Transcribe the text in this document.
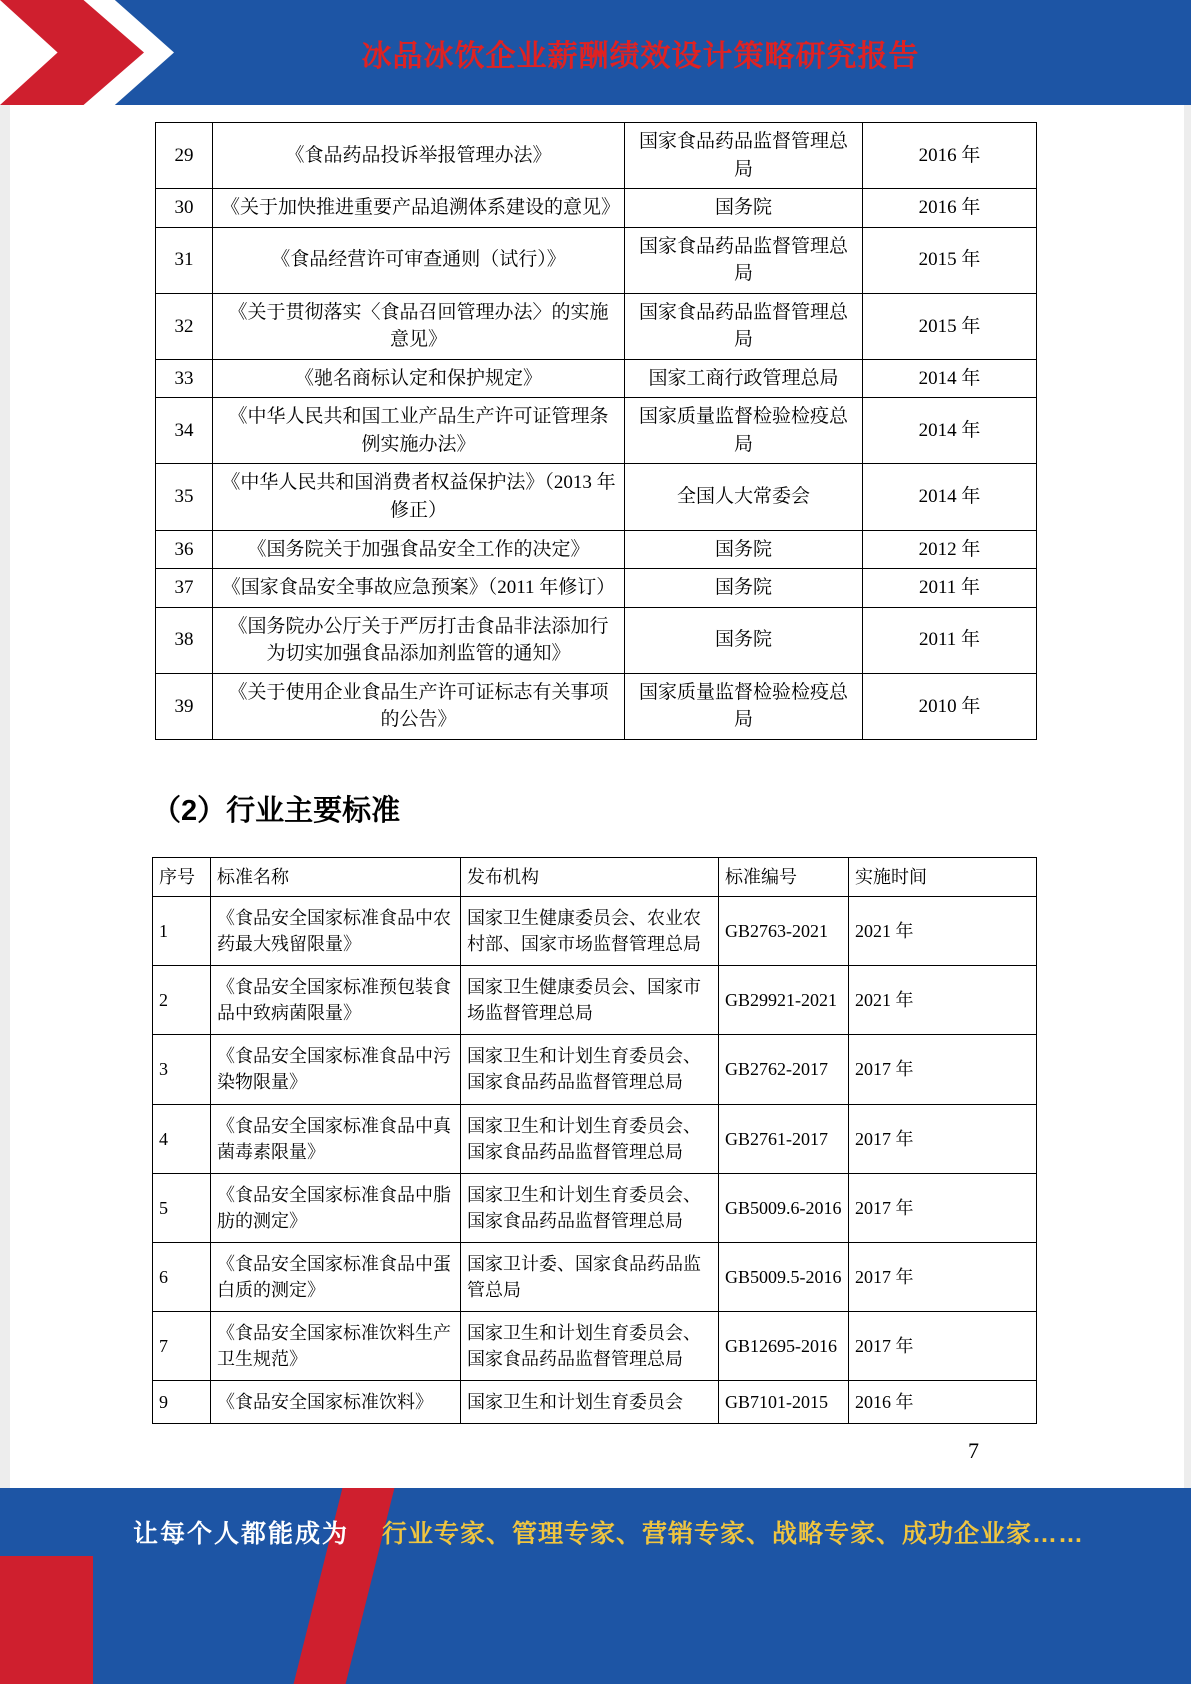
冰品冰饮企业薪酬绩效设计策略研究报告
29	《食品药品投诉举报管理办法》	国家食品药品监督管理总局	2016 年
30	《关于加快推进重要产品追溯体系建设的意见》	国务院	2016 年
31	《食品经营许可审查通则（试行）》	国家食品药品监督管理总局	2015 年
32	《关于贯彻落实〈食品召回管理办法〉的实施意见》	国家食品药品监督管理总局	2015 年
33	《驰名商标认定和保护规定》	国家工商行政管理总局	2014 年
34	《中华人民共和国工业产品生产许可证管理条例实施办法》	国家质量监督检验检疫总局	2014 年
35	《中华人民共和国消费者权益保护法》（2013 年修正）	全国人大常委会	2014 年
36	《国务院关于加强食品安全工作的决定》	国务院	2012 年
37	《国家食品安全事故应急预案》（2011 年修订）	国务院	2011 年
38	《国务院办公厅关于严厉打击食品非法添加行为切实加强食品添加剂监管的通知》	国务院	2011 年
39	《关于使用企业食品生产许可证标志有关事项的公告》	国家质量监督检验检疫总局	2010 年
（2）行业主要标准
序号	标准名称	发布机构	标准编号	实施时间
1	《食品安全国家标准食品中农药最大残留限量》	国家卫生健康委员会、农业农村部、国家市场监督管理总局	GB2763-2021	2021 年
2	《食品安全国家标准预包装食品中致病菌限量》	国家卫生健康委员会、国家市场监督管理总局	GB29921-2021	2021 年
3	《食品安全国家标准食品中污染物限量》	国家卫生和计划生育委员会、国家食品药品监督管理总局	GB2762-2017	2017 年
4	《食品安全国家标准食品中真菌毒素限量》	国家卫生和计划生育委员会、国家食品药品监督管理总局	GB2761-2017	2017 年
5	《食品安全国家标准食品中脂肪的测定》	国家卫生和计划生育委员会、国家食品药品监督管理总局	GB5009.6-2016	2017 年
6	《食品安全国家标准食品中蛋白质的测定》	国家卫计委、国家食品药品监管总局	GB5009.5-2016	2017 年
7	《食品安全国家标准饮料生产卫生规范》	国家卫生和计划生育委员会、国家食品药品监督管理总局	GB12695-2016	2017 年
9	《食品安全国家标准饮料》	国家卫生和计划生育委员会	GB7101-2015	2016 年
7
让每个人都能成为 行业专家、管理专家、营销专家、战略专家、成功企业家……
